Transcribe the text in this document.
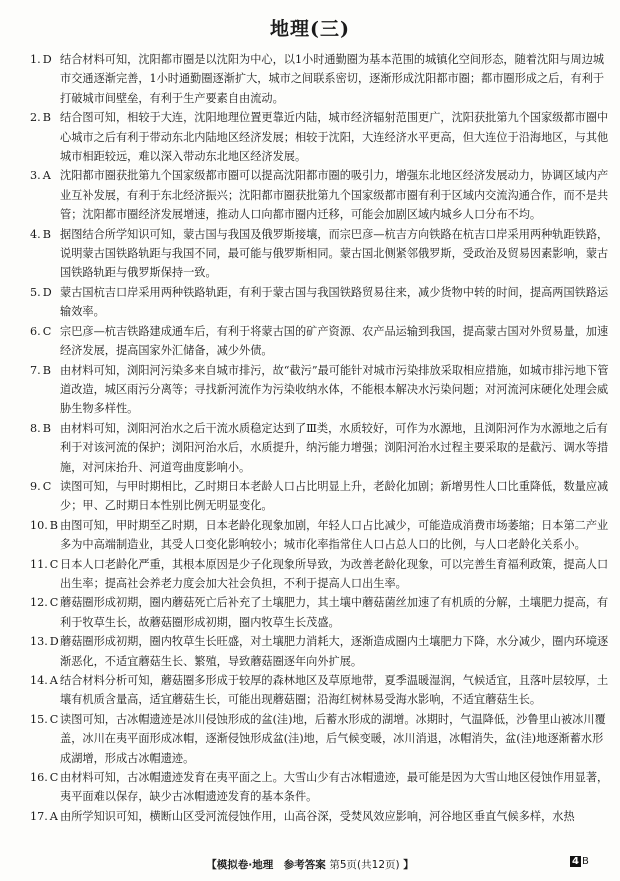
地理(三)

1. D 结合材料可知，沈阳都市圈是以沈阳为中心，以1小时通勤圈为基本范围的城镇化空间形态，随着沈阳与周边城市交通逐渐完善，1小时通勤圈逐渐扩大，城市之间联系密切，逐渐形成沈阳都市圈；都市圈形成之后，有利于打破城市间壁垒，有利于生产要素自由流动。

2. B 结合图可知，相较于大连，沈阳地理位置更靠近内陆，城市经济辐射范围更广，沈阳获批第九个国家级都市圈中心城市之后有利于带动东北内陆地区经济发展；相较于沈阳，大连经济水平更高，但大连位于沿海地区，与其他城市相距较远，难以深入带动东北地区经济发展。

3. A 沈阳都市圈获批第九个国家级都市圈可以提高沈阳都市圈的吸引力，增强东北地区经济发展动力，协调区域内产业互补发展，有利于东北经济振兴；沈阳都市圈获批第九个国家级都市圈有利于区域内交流沟通合作，而不是共管；沈阳都市圈经济发展增速，推动人口向都市圈内迁移，可能会加剧区域内城乡人口分布不均。

4. B 据图结合所学知识可知，蒙古国与我国及俄罗斯接壤，而宗巴彦—杭吉方向铁路在杭吉口岸采用两种轨距铁路，说明蒙古国铁路轨距与我国不同，最可能与俄罗斯相同。蒙古国北侧紧邻俄罗斯，受政治及贸易因素影响，蒙古国铁路轨距与俄罗斯保持一致。

5. D 蒙古国杭吉口岸采用两种铁路轨距，有利于蒙古国与我国铁路贸易往来，减少货物中转的时间，提高两国铁路运输效率。

6. C 宗巴彦—杭吉铁路建成通车后，有利于将蒙古国的矿产资源、农产品运输到我国，提高蒙古国对外贸易量，加速经济发展，提高国家外汇储备，减少外债。

7. B 由材料可知，浏阳河污染多来自城市排污，故“截污”最可能针对城市污染排放采取相应措施，如城市排污地下管道改造，城区雨污分离等；寻找新河流作为污染收纳水体，不能根本解决水污染问题；对河流河床硬化处理会威胁生物多样性。

8. B 由材料可知，浏阳河治水之后干流水质稳定达到了Ⅲ类，水质较好，可作为水源地，且浏阳河作为水源地之后有利于对该河流的保护；浏阳河治水后，水质提升，纳污能力增强；浏阳河治水过程主要采取的是截污、调水等措施，对河床抬升、河道弯曲度影响小。

9. C 读图可知，与甲时期相比，乙时期日本老龄人口占比明显上升，老龄化加剧；新增男性人口比重降低，数量应减少；甲、乙时期日本性别比例无明显变化。

10. B 由图可知，甲时期至乙时期，日本老龄化现象加剧，年轻人口占比减少，可能造成消费市场萎缩；日本第二产业多为中高端制造业，其受人口变化影响较小；城市化率指常住人口占总人口的比例，与人口老龄化关系小。

11. C 日本人口老龄化严重，其根本原因是少子化现象所导致，为改善老龄化现象，可以完善生育福利政策，提高人口出生率；提高社会养老力度会加大社会负担，不利于提高人口出生率。

12. C 蘑菇圈形成初期，圈内蘑菇死亡后补充了土壤肥力，其土壤中蘑菇菌丝加速了有机质的分解，土壤肥力提高，有利于牧草生长，故蘑菇圈形成初期，圈内牧草生长茂盛。

13. D 蘑菇圈形成初期，圈内牧草生长旺盛，对土壤肥力消耗大，逐渐造成圈内土壤肥力下降，水分减少，圈内环境逐渐恶化，不适宜蘑菇生长、繁殖，导致蘑菇圈逐年向外扩展。

14. A 结合材料分析可知，蘑菇圈多形成于较厚的森林地区及草原地带，夏季温暖湿润，气候适宜，且落叶层较厚，土壤有机质含量高，适宜蘑菇生长，可能出现蘑菇圈；沿海红树林易受海水影响，不适宜蘑菇生长。

15. C 读图可知，古冰帽遗迹是冰川侵蚀形成的盆(洼)地，后蓄水形成的湖增。冰期时，气温降低，沙鲁里山被冰川覆盖，冰川在夷平面形成冰帽，逐渐侵蚀形成盆(洼)地，后气候变暖，冰川消退，冰帽消失，盆(洼)地逐渐蓄水形成湖增，形成古冰帽遗迹。

16. C 由材料可知，古冰帽遗迹发育在夷平面之上。大雪山少有古冰帽遗迹，最可能是因为大雪山地区侵蚀作用显著，夷平面难以保存，缺少古冰帽遗迹发育的基本条件。

17. A 由所学知识可知，横断山区受河流侵蚀作用，山高谷深，受焚风效应影响，河谷地区垂直气候多样，水热

【模拟卷·地理　参考答案 第5页(共12页) 】	4 B
